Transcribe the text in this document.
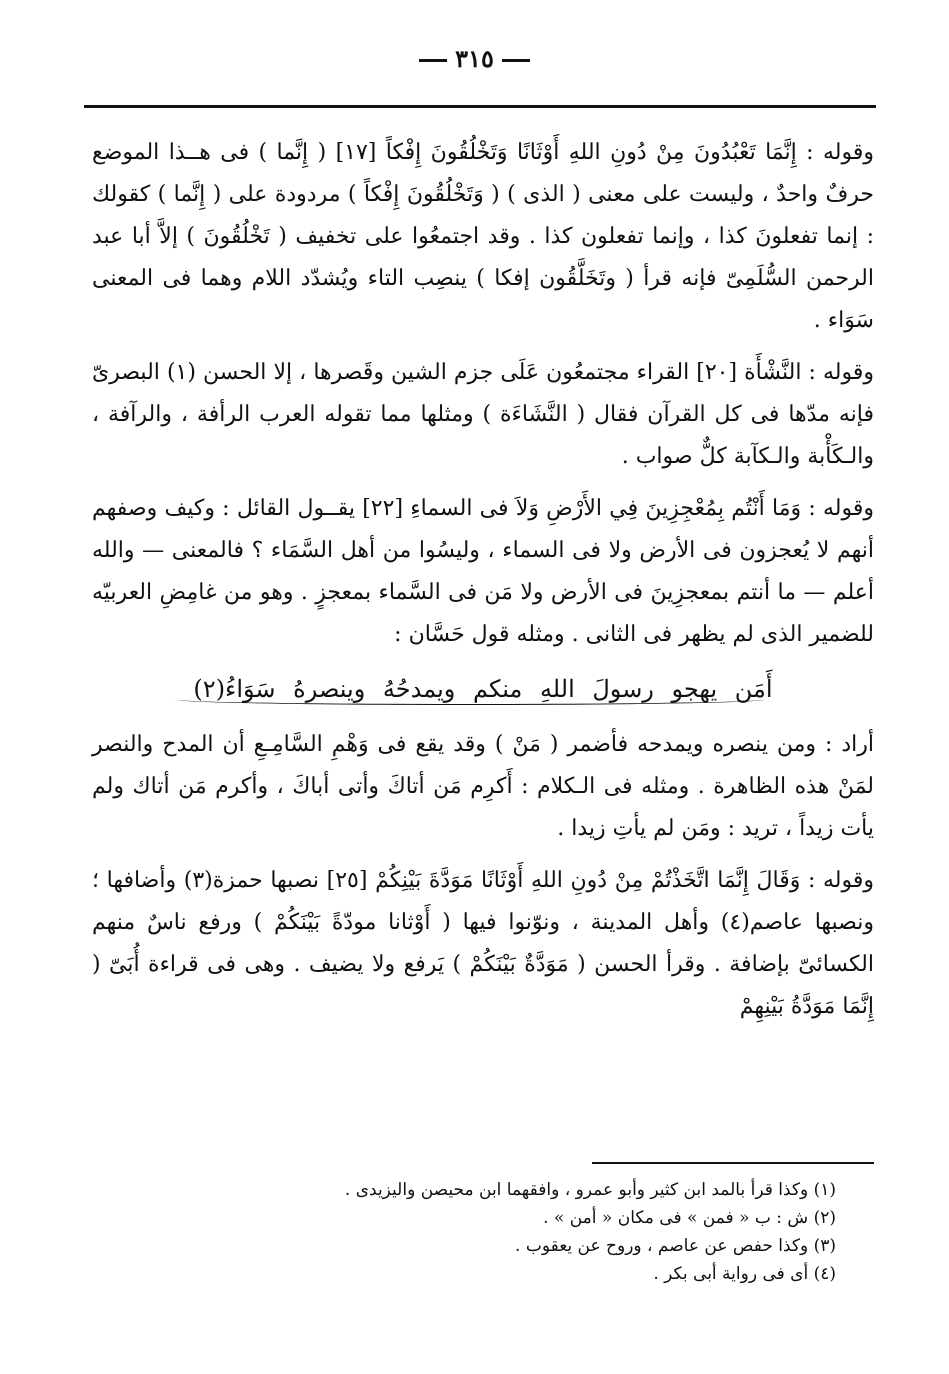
٣١٥

وقوله : إِنَّمَا تَعْبُدُونَ مِنْ دُونِ اللهِ أَوْثَانًا وَتَخْلُقُونَ إِفْكاً [١٧] ( إِنَّما ) فى هــذا الموضع حرفٌ واحدٌ ، وليست على معنى ( الذى ) ( وَتَخْلُقُونَ إِفْكاً ) مردودة على ( إِنَّما ) كقولك : إنما تفعلونَ كذا ، وإنما تفعلون كذا . وقد اجتمعُوا على تخفيف ( تَخْلُقُونَ ) إلاَّ أبا عبد الرحمن السُّلَمِىّ فإنه قرأ ( وتَخَلَّقُون إفكا ) ينصِب التاء ويُشدّد اللام وهما فى المعنى سَوَاء .

وقوله : النَّشْأَة [٢٠] القراء مجتمعُون عَلَى جزم الشين وقَصرها ، إلا الحسن (١) البصرىّ فإنه مدّها فى كل القرآن فقال ( النَّشَاءَة ) ومثلها مما تقوله العرب الرأفة ، والرآفة ، والـكَأْبة والـكآبة كلٌّ صواب .

وقوله : وَمَا أَنْتُم بِمُعْجِزِينَ فِي الأَرْضِ وَلاَ فى السماءِ [٢٢] يقــول القائل : وكيف وصفهم أنهم لا يُعجزون فى الأرض ولا فى السماء ، وليسُوا من أهل السَّمَاء ؟ فالمعنى — والله أعلم — ما أنتم بمعجزِينَ فى الأرض ولا مَن فى السَّماء بمعجزٍ . وهو من غامِضِ العربيّه للضمير الذى لم يظهر فى الثانى . ومثله قول حَسَّان :

أَمَن يهجو رسولَ اللهِ منكم ويمدحُهُ وينصرهُ سَوَاءُ(٢)

أراد : ومن ينصره ويمدحه فأضمر ( مَنْ ) وقد يقع فى وَهْمِ السَّامِـعِ أن المدح والنصر لمَنْ هذه الظاهرة . ومثله فى الـكلام : أَكرِم مَن أتاكَ وأتى أباكَ ، وأكرم مَن أتاك ولم يأت زيداً ، تريد : ومَن لم يأتِ زيدا .

وقوله : وَقَالَ إِنَّمَا اتَّخَذْتُمْ مِنْ دُونِ اللهِ أَوْثَانًا مَوَدَّةَ بَيْنِكُمْ [٢٥] نصبها حمزة(٣) وأضافها ؛ ونصبها عاصم(٤) وأهل المدينة ، ونوّنوا فيها ( أَوْثانا مودّةً بَيْنَكُمْ ) ورفع ناسٌ منهم الكسائىّ بإضافة . وقرأ الحسن ( مَوَدَّةٌ بَيْنَكُمْ ) يَرفع ولا يضيف . وهى فى قراءة أُبَىّ ( إِنَّمَا مَوَدَّةُ بَيْنِهِمْ

(١) وكذا قرأ بالمد ابن كثير وأبو عمرو ، وافقهما ابن محيصن واليزيدى .

(٢) ش : ب « فمن » فى مكان « أمن » .

(٣) وكذا حفص عن عاصم ، وروح عن يعقوب .

(٤) أى فى رواية أبى بكر .
